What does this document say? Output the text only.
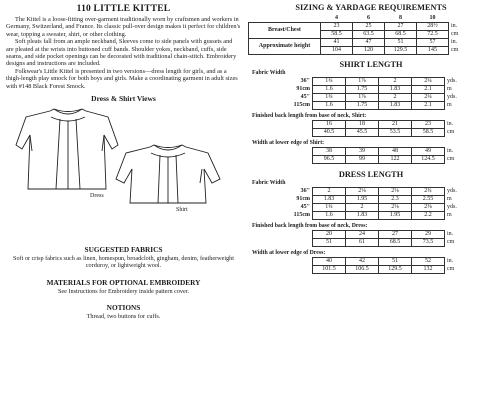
110 LITTLE KITTEL

The Kittel is a loose-fitting over-garment traditionally worn by craftsmen and workers in Germany, Switzerland, and France. Its classic pull-over design makes it perfect for children's wear, topping a sweater, shirt, or other clothing.

Soft pleats fall from an ample neckband, Sleeves come to side panels with gussets and are pleated at the wrists into buttoned cuff bands. Shoulder yokes, neckband, cuffs, side seams, and side pocket openings can be decorated with traditional chain-stitch. Embroidery designs and instructions are included.

Folkwear's Little Kittel is presented in two versions—dress length for girls, and as a thigh-length play smock for both boys and girls. Make a coordinating garment in adult sizes with #148 Black Forest Smock.

Dress & Shirt Views
Dress
Shirt

SUGGESTED FABRICS

Soft or crisp fabrics such as linen, homespun, broadcloth, gingham, denim, featherweight corduroy, or lightweight wool.

MATERIALS FOR OPTIONAL EMBROIDERY

See Instructions for Embroidery inside pattern cover.

NOTIONS

Thread, two buttons for cuffs.

SIZING & YARDAGE REQUIREMENTS

	4	6	8	10	
Breast/Chest	23	25	27	28½	in.
	58.5	63.5	68.5	72.5	cm
Approximate height	41	47	51	57	in.
	104	120	129.5	145	cm

SHIRT LENGTH

Fabric Width

36"	1¾	1⅞	2	2¼	yds.
91cm	1.6	1.75	1.83	2.1	m
45"	1¾	1⅞	2	2¼	yds.
115cm	1.6	1.75	1.83	2.1	m

Finished back length from base of neck, Shirt:

16	18	21	23	in.
40.5	45.5	53.5	58.5	cm

Width at lower edge of Shirt:

38	39	48	49	in.
96.5	99	122	124.5	cm

DRESS LENGTH

Fabric Width

36"	2	2⅛	2⅛	2¾	yds.
91cm	1.83	1.95	2.3	2.55	m
45"	1¾	2	2⅛	2⅜	yds.
115cm	1.6	1.83	1.95	2.2	m

Finished back length from base of neck, Dress:

20	24	27	29	in.
51	61	68.5	73.5	cm

Width at lower edge of Dress:

40	42	51	52	in.
101.5	106.5	129.5	132	cm
